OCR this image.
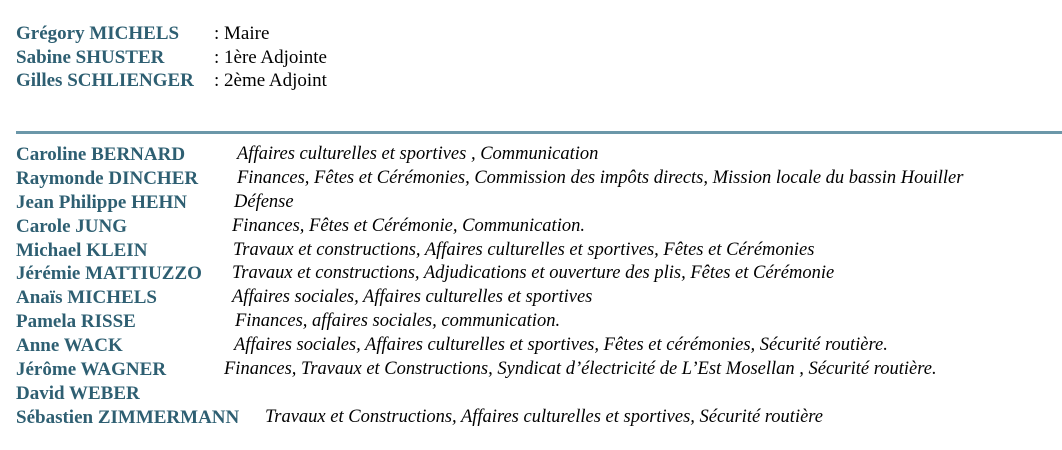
Grégory MICHELS : Maire
Sabine SHUSTER	: 1ère Adjointe
Gilles SCHLIENGER : 2ème Adjoint
Caroline BERNARD	Affaires culturelles et sportives , Communication
Raymonde DINCHER Finances, Fêtes et Cérémonies, Commission des impôts directs, Mission locale du bassin Houiller
Jean Philippe HEHN	Défense
Carole JUNG	Finances, Fêtes et Cérémonie, Communication.
Michael KLEIN	Travaux et constructions, Affaires culturelles et sportives, Fêtes et Cérémonies
Jérémie MATTIUZZO Travaux et constructions, Adjudications et ouverture des plis, Fêtes et Cérémonie
Anaïs MICHELS	Affaires sociales, Affaires culturelles et sportives
Pamela RISSE	Finances, affaires sociales, communication.
Anne WACK	Affaires sociales, Affaires culturelles et sportives, Fêtes et cérémonies, Sécurité routière.
Jérôme WAGNER	Finances, Travaux et Constructions, Syndicat d’électricité de L’Est Mosellan , Sécurité routière.
David WEBER
Sébastien ZIMMERMANN Travaux et Constructions, Affaires culturelles et sportives, Sécurité routière
